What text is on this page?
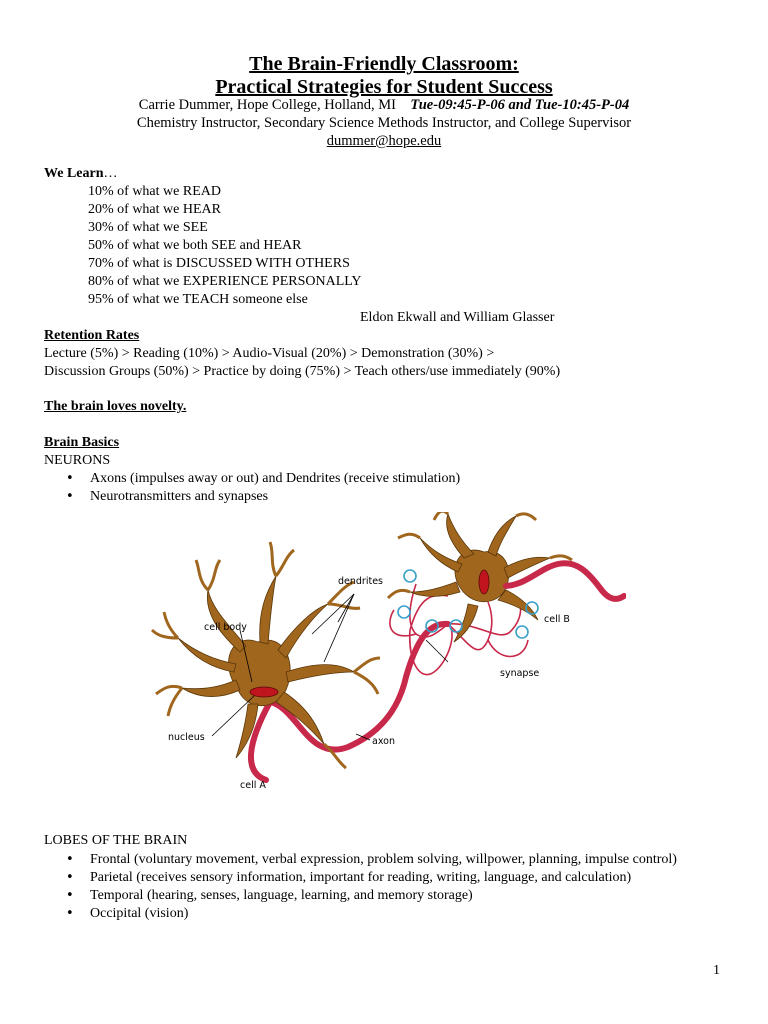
The Brain-Friendly Classroom:
Practical Strategies for Student Success
Carrie Dummer, Hope College, Holland, MI Tue-09:45-P-06 and Tue-10:45-P-04
Chemistry Instructor, Secondary Science Methods Instructor, and College Supervisor
dummer@hope.edu
We Learn…
10% of what we READ
20% of what we HEAR
30% of what we SEE
50% of what we both SEE and HEAR
70% of what is DISCUSSED WITH OTHERS
80% of what we EXPERIENCE PERSONALLY
95% of what we TEACH someone else
Eldon Ekwall and William Glasser
Retention Rates
Lecture (5%) > Reading (10%) > Audio-Visual (20%) > Demonstration (30%) >
Discussion Groups (50%) > Practice by doing (75%) > Teach others/use immediately (90%)
The brain loves novelty.
Brain Basics
NEURONS
• Axons (impulses away or out) and Dendrites (receive stimulation)
• Neurotransmitters and synapses
dendrites
cell body
nucleus	axon
cell A
cell B
synapse
LOBES OF THE BRAIN
• Frontal (voluntary movement, verbal expression, problem solving, willpower, planning, impulse control)
• Parietal (receives sensory information, important for reading, writing, language, and calculation)
• Temporal (hearing, senses, language, learning, and memory storage)
• Occipital (vision)
1
